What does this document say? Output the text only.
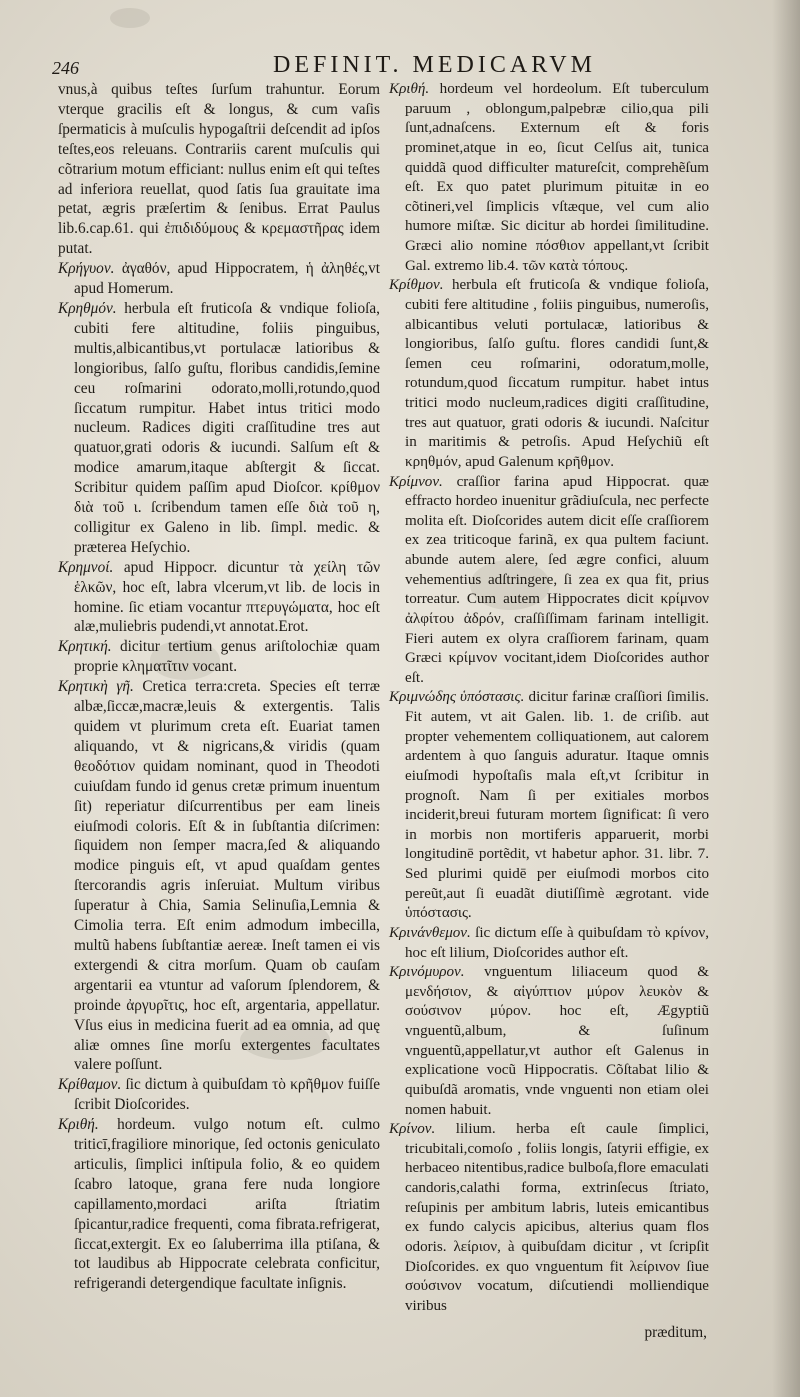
246	DEFINIT. MEDICARVM

vnus,à quibus teſtes ſurſum trahuntur. Eorum vterque gracilis eſt & longus, & cum vaſis ſpermaticis à muſculis hypogaſtrii deſcendit ad ipſos teſtes,eos releuans. Contrariis carent muſculis qui cõtrarium motum efficiant: nullus enim eſt qui teſtes ad inferiora reuellat, quod ſatis ſua grauitate ima petat, ægris præſertim & ſenibus. Errat Paulus lib.6.cap.61. qui ἐπιδιδύμους & κρεμαστῆρας idem putat.

Κρήγυον. ἀγαθόν, apud Hippocratem, ἡ ἀληθές,vt apud Homerum.

Κρηθμόν. herbula eſt fruticoſa & vndique folioſa, cubiti fere altitudine, foliis pinguibus, multis,albicantibus,vt portulacæ latioribus & longioribus, ſalſo guſtu, floribus candidis,ſemine ceu roſmarini odorato,molli,rotundo,quod ſiccatum rumpitur. Habet intus tritici modo nucleum. Radices digiti craſſitudine tres aut quatuor,grati odoris & iucundi. Salſum eſt & modice amarum,itaque abſtergit & ſiccat. Scribitur quidem paſſim apud Dioſcor. κρίθμον διὰ τοῦ ι. ſcribendum tamen eſſe διὰ τοῦ η, colligitur ex Galeno in lib. ſimpl. medic. & præterea Heſychio.

Κρημνοί. apud Hippocr. dicuntur τὰ χείλη τῶν ἑλκῶν, hoc eſt, labra vlcerum,vt lib. de locis in homine. ſic etiam vocantur πτερυγώματα, hoc eſt alæ,muliebris pudendi,vt annotat.Erot.

Κρητική. dicitur tertium genus ariſtolochiæ quam proprie κληματῖτιν vocant.

Κρητικὴ γῆ. Cretica terra:creta. Species eſt terræ albæ,ſiccæ,macræ,leuis & extergentis. Talis quidem vt plurimum creta eſt. Euariat tamen aliquando, vt & nigricans,& viridis (quam θεοδότιον quidam nominant, quod in Theodoti cuiuſdam fundo id genus cretæ primum inuentum ſit) reperiatur diſcurrentibus per eam lineis eiuſmodi coloris. Eſt & in ſubſtantia diſcrimen: ſiquidem non ſemper macra,ſed & aliquando modice pinguis eſt, vt apud quaſdam gentes ſtercorandis agris inſeruiat. Multum viribus ſuperatur à Chia, Samia Selinuſia,Lemnia & Cimolia terra. Eſt enim admodum imbecilla, multũ habens ſubſtantiæ aereæ. Ineſt tamen ei vis extergendi & citra morſum. Quam ob cauſam argentarii ea vtuntur ad vaſorum ſplendorem, & proinde ἀργυρῖτις, hoc eſt, argentaria, appellatur. Vſus eius in medicina fuerit ad ea omnia, ad quę aliæ omnes ſine morſu extergentes facultates valere poſſunt.

Κρίθαμον. ſic dictum à quibuſdam τὸ κρῆθμον fuiſſe ſcribit Dioſcorides.

Κριθή. hordeum. vulgo notum eſt. culmo triticī,fragiliore minorique, ſed octonis geniculato articulis, ſimplici inſtipula folio, & eo quidem ſcabro latoque, grana fere nuda longiore capillamento,mordaci ariſta ſtriatim ſpicantur,radice frequenti, coma fibrata.refrigerat, ſiccat,extergit. Ex eo ſaluberrima illa ptiſana, & tot laudibus ab Hippocrate celebrata conficitur, refrigerandi detergendique facultate inſignis.

Κριθή. hordeum vel hordeolum. Eſt tuberculum paruum , oblongum,palpebræ cilio,qua pili ſunt,adnaſcens. Externum eſt & foris prominet,atque in eo, ſicut Celſus ait, tunica quiddã quod difficulter matureſcit, comprehẽſum eſt. Ex quo patet plurimum pituitæ in eo cõtineri,vel ſimplicis vſtæque, vel cum alio humore miſtæ. Sic dicitur ab hordei ſimilitudine. Græci alio nomine πόσθιον appellant,vt ſcribit Gal. extremo lib.4. τῶν κατὰ τόπους.

Κρίθμον. herbula eſt fruticoſa & vndique folioſa, cubiti fere altitudine , foliis pinguibus, numeroſis, albicantibus veluti portulacæ, latioribus & longioribus, ſalſo guſtu. flores candidi ſunt,& ſemen ceu roſmarini, odoratum,molle, rotundum,quod ſiccatum rumpitur. habet intus tritici modo nucleum,radices digiti craſſitudine, tres aut quatuor, grati odoris & iucundi. Naſcitur in maritimis & petroſis. Apud Heſychiũ eſt κρηθμόν, apud Galenum κρῆθμον.

Κρίμνον. craſſior farina apud Hippocrat. quæ effracto hordeo inuenitur grãdiuſcula, nec perfecte molita eſt. Dioſcorides autem dicit eſſe craſſiorem ex zea triticoque farinã, ex qua pultem faciunt. abunde autem alere, ſed ægre confici, aluum vehementius adſtringere, ſi zea ex qua fit, prius torreatur. Cum autem Hippocrates dicit κρίμνον ἀλφίτου ἀδρόν, craſſiſſimam farinam intelligit. Fieri autem ex olyra craſſiorem farinam, quam Græci κρίμνον vocitant,idem Dioſcorides author eſt.

Κριμνώδης ὑπόστασις. dicitur farinæ craſſiori ſimilis. Fit autem, vt ait Galen. lib. 1. de criſib. aut propter vehementem colliquationem, aut calorem ardentem à quo ſanguis aduratur. Itaque omnis eiuſmodi hypoſtaſis mala eſt,vt ſcribitur in prognoſt. Nam ſi per exitiales morbos inciderit,breui futuram mortem ſignificat: ſi vero in morbis non mortiferis apparuerit, morbi longitudinē portẽdit, vt habetur aphor. 31. libr. 7. Sed plurimi quidē per eiuſmodi morbos cito pereũt,aut ſi euadãt diutiſſimè ægrotant. vide ὑπόστασις.

Κρινάνθεμον. ſic dictum eſſe à quibuſdam τὸ κρίνον, hoc eſt lilium, Dioſcorides author eſt.

Κρινόμυρον. vnguentum liliaceum quod & μενδήσιον, & αἰγύπτιον μύρον λευκὸν & σούσινον μύρον. hoc eſt, Ægyptiũ vnguentũ,album, & ſuſinum vnguentũ,appellatur,vt author eſt Galenus in explicatione vocũ Hippocratis. Cõſtabat lilio & quibuſdã aromatis, vnde vnguenti non etiam olei nomen habuit.

Κρίνον. lilium. herba eſt caule ſimplici, tricubitali,comoſo , foliis longis, ſatyrii effigie, ex herbaceo nitentibus,radice bulboſa,flore emaculati candoris,calathi forma, extrinſecus ſtriato, reſupinis per ambitum labris, luteis emicantibus ex fundo calycis apicibus, alterius quam flos odoris. λείριον, à quibuſdam dicitur , vt ſcripſit Dioſcorides. ex quo vnguentum fit λείρινον ſiue σούσινον vocatum, diſcutiendi molliendique viribus

præditum,
